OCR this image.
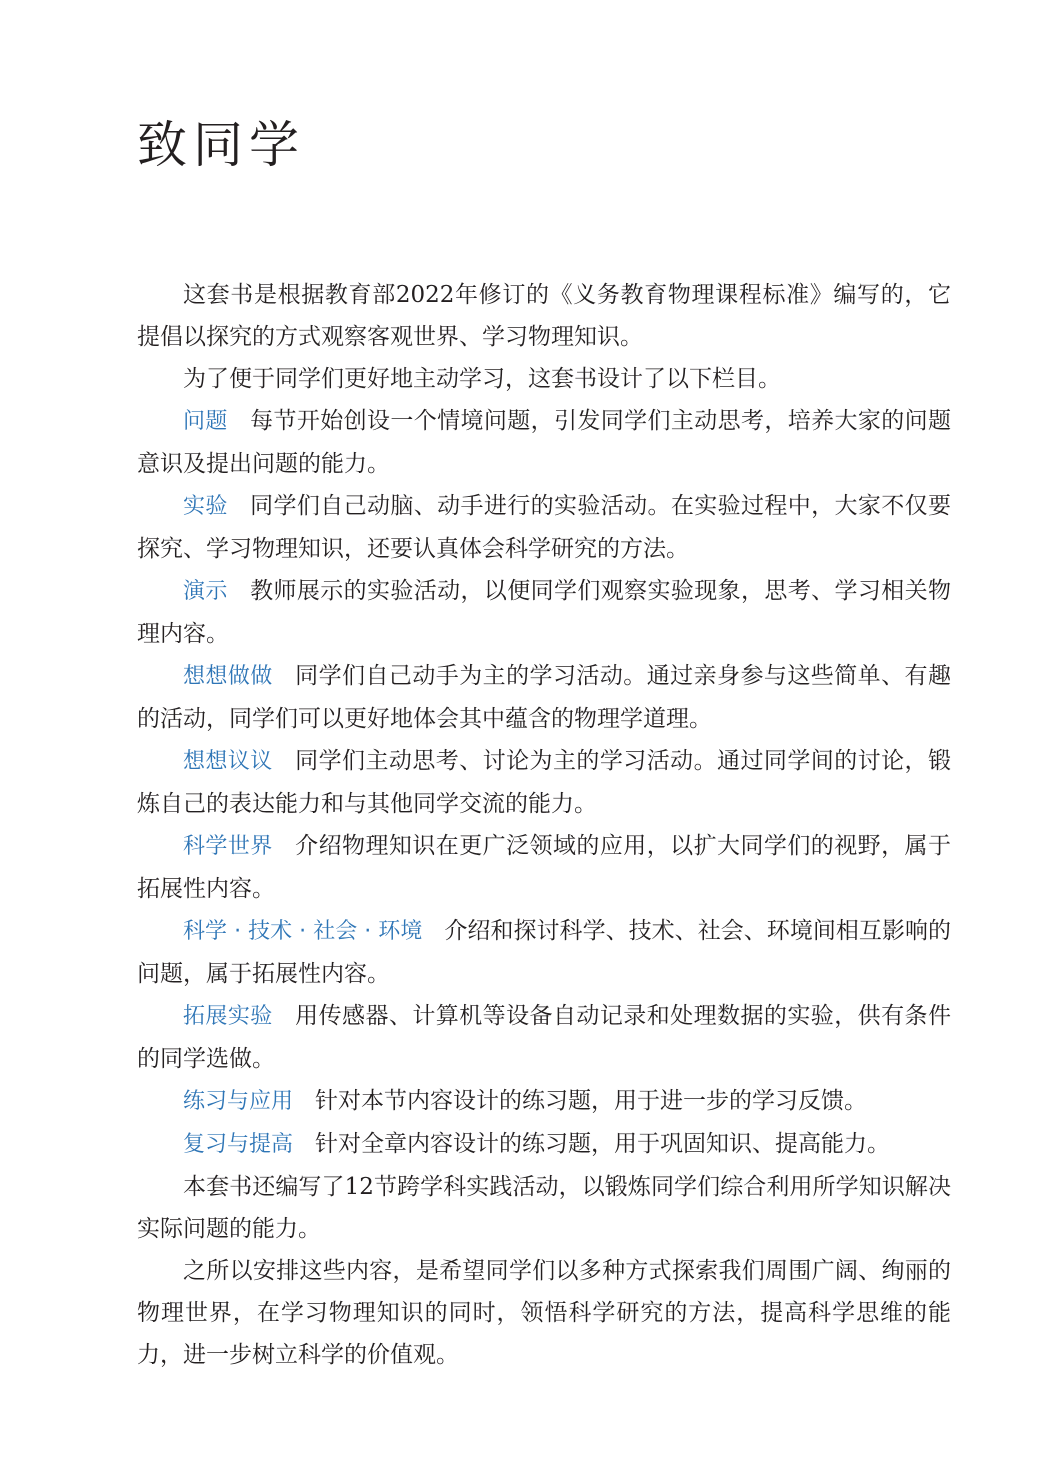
致同学

这套书是根据教育部2022年修订的《义务教育物理课程标准》编写的，它提倡以探究的方式观察客观世界、学习物理知识。

为了便于同学们更好地主动学习，这套书设计了以下栏目。

问题 每节开始创设一个情境问题，引发同学们主动思考，培养大家的问题意识及提出问题的能力。

实验 同学们自己动脑、动手进行的实验活动。在实验过程中，大家不仅要探究、学习物理知识，还要认真体会科学研究的方法。

演示 教师展示的实验活动，以便同学们观察实验现象，思考、学习相关物理内容。

想想做做 同学们自己动手为主的学习活动。通过亲身参与这些简单、有趣的活动，同学们可以更好地体会其中蕴含的物理学道理。

想想议议 同学们主动思考、讨论为主的学习活动。通过同学间的讨论，锻炼自己的表达能力和与其他同学交流的能力。

科学世界 介绍物理知识在更广泛领域的应用，以扩大同学们的视野，属于拓展性内容。

科学 · 技术 · 社会 · 环境 介绍和探讨科学、技术、社会、环境间相互影响的问题，属于拓展性内容。

拓展实验 用传感器、计算机等设备自动记录和处理数据的实验，供有条件的同学选做。

练习与应用 针对本节内容设计的练习题，用于进一步的学习反馈。

复习与提高 针对全章内容设计的练习题，用于巩固知识、提高能力。

本套书还编写了12节跨学科实践活动，以锻炼同学们综合利用所学知识解决实际问题的能力。

之所以安排这些内容，是希望同学们以多种方式探索我们周围广阔、绚丽的物理世界，在学习物理知识的同时，领悟科学研究的方法，提高科学思维的能力，进一步树立科学的价值观。
